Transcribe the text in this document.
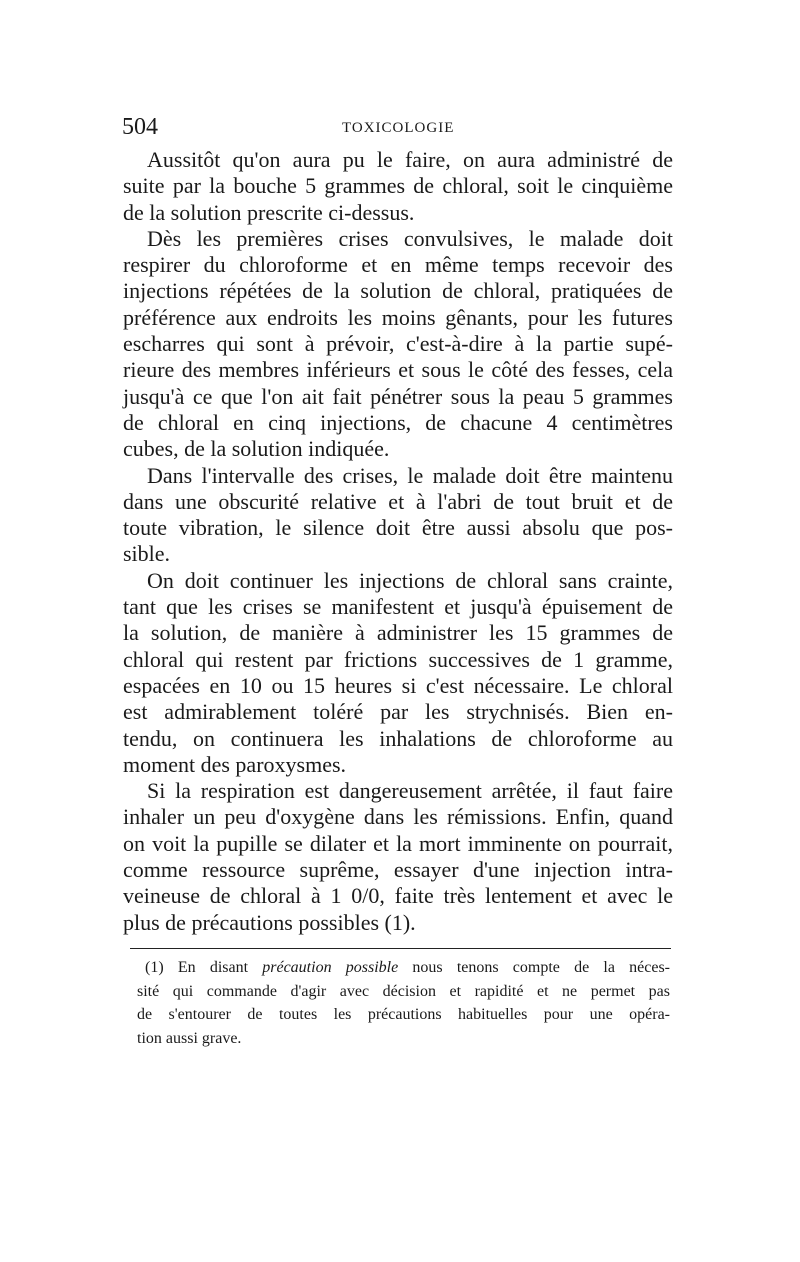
504	TOXICOLOGIE
Aussitôt qu'on aura pu le faire, on aura administré de
suite par la bouche 5 grammes de chloral, soit le cinquième
de la solution prescrite ci-dessus.
Dès les premières crises convulsives, le malade doit
respirer du chloroforme et en même temps recevoir des
injections répétées de la solution de chloral, pratiquées de
préférence aux endroits les moins gênants, pour les futures
escharres qui sont à prévoir, c'est-à-dire à la partie supé-
rieure des membres inférieurs et sous le côté des fesses, cela
jusqu'à ce que l'on ait fait pénétrer sous la peau 5 grammes
de chloral en cinq injections, de chacune 4 centimètres
cubes, de la solution indiquée.
Dans l'intervalle des crises, le malade doit être maintenu
dans une obscurité relative et à l'abri de tout bruit et de
toute vibration, le silence doit être aussi absolu que pos-
sible.
On doit continuer les injections de chloral sans crainte,
tant que les crises se manifestent et jusqu'à épuisement de
la solution, de manière à administrer les 15 grammes de
chloral qui restent par frictions successives de 1 gramme,
espacées en 10 ou 15 heures si c'est nécessaire. Le chloral
est admirablement toléré par les strychnisés. Bien en-
tendu, on continuera les inhalations de chloroforme au
moment des paroxysmes.
Si la respiration est dangereusement arrêtée, il faut faire
inhaler un peu d'oxygène dans les rémissions. Enfin, quand
on voit la pupille se dilater et la mort imminente on pourrait,
comme ressource suprême, essayer d'une injection intra-
veineuse de chloral à 1 0/0, faite très lentement et avec le
plus de précautions possibles (1).
(1) En disant précaution possible nous tenons compte de la néces-
sité qui commande d'agir avec décision et rapidité et ne permet pas
de s'entourer de toutes les précautions habituelles pour une opéra-
tion aussi grave.
